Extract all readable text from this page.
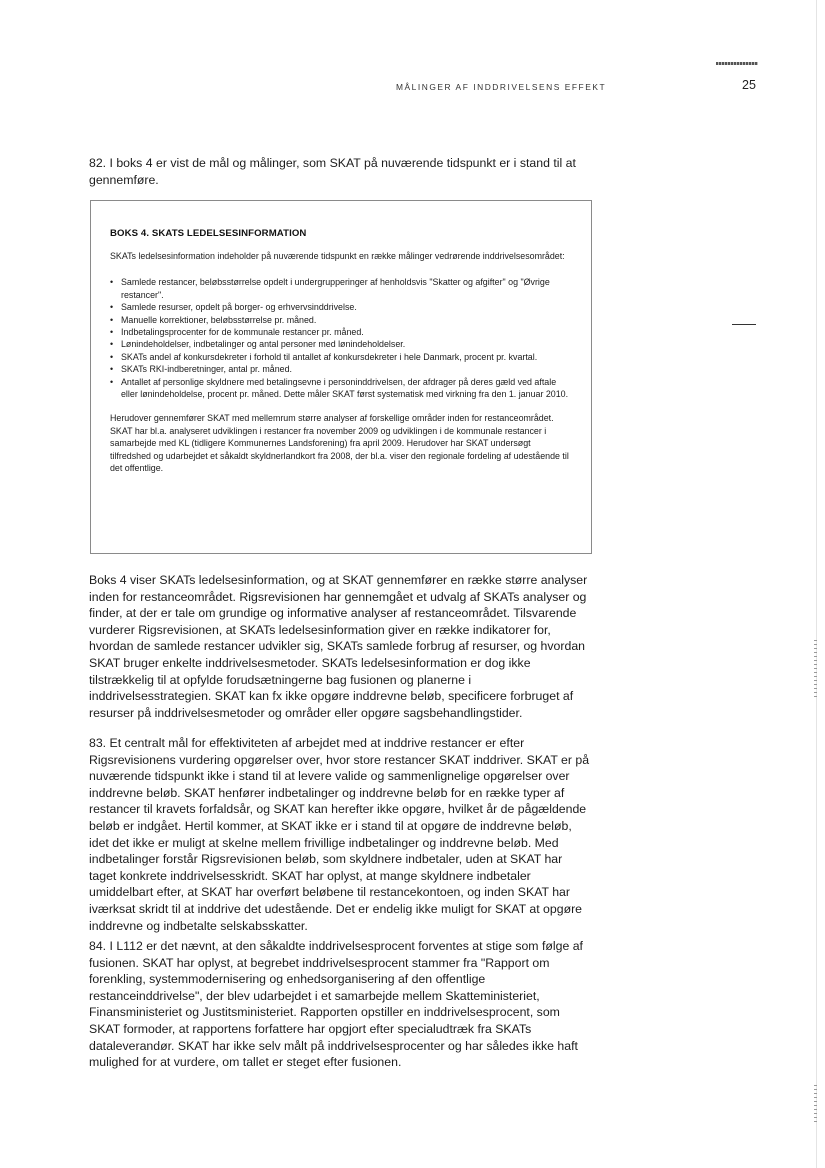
MÅLINGER AF INDDRIVELSENS EFFEKT	25

82. I boks 4 er vist de mål og målinger, som SKAT på nuværende tidspunkt er i stand til at gennemføre.

BOKS 4. SKATS LEDELSESINFORMATION

SKATs ledelsesinformation indeholder på nuværende tidspunkt en række målinger vedrørende inddrivelsesområdet:

• Samlede restancer, beløbsstørrelse opdelt i undergrupperinger af henholdsvis "Skatter og afgifter" og "Øvrige restancer".
• Samlede resurser, opdelt på borger- og erhvervsinddrivelse.
• Manuelle korrektioner, beløbsstørrelse pr. måned.
• Indbetalingsprocenter for de kommunale restancer pr. måned.
• Lønindeholdelser, indbetalinger og antal personer med lønindeholdelser.
• SKATs andel af konkursdekreter i forhold til antallet af konkursdekreter i hele Danmark, procent pr. kvartal.
• SKATs RKI-indberetninger, antal pr. måned.
• Antallet af personlige skyldnere med betalingsevne i personinddrivelsen, der afdrager på deres gæld ved aftale eller lønindeholdelse, procent pr. måned. Dette måler SKAT først systematisk med virkning fra den 1. januar 2010.

Herudover gennemfører SKAT med mellemrum større analyser af forskellige områder inden for restanceområdet. SKAT har bl.a. analyseret udviklingen i restancer fra november 2009 og udviklingen i de kommunale restancer i samarbejde med KL (tidligere Kommunernes Landsforening) fra april 2009. Herudover har SKAT undersøgt tilfredshed og udarbejdet et såkaldt skyldnerlandkort fra 2008, der bl.a. viser den regionale fordeling af udestående til det offentlige.

Boks 4 viser SKATs ledelsesinformation, og at SKAT gennemfører en række større analyser inden for restanceområdet. Rigsrevisionen har gennemgået et udvalg af SKATs analyser og finder, at der er tale om grundige og informative analyser af restanceområdet. Tilsvarende vurderer Rigsrevisionen, at SKATs ledelsesinformation giver en række indikatorer for, hvordan de samlede restancer udvikler sig, SKATs samlede forbrug af resurser, og hvordan SKAT bruger enkelte inddrivelsesmetoder. SKATs ledelsesinformation er dog ikke tilstrækkelig til at opfylde forudsætningerne bag fusionen og planerne i inddrivelsesstrategien. SKAT kan fx ikke opgøre inddrevne beløb, specificere forbruget af resurser på inddrivelsesmetoder og områder eller opgøre sagsbehandlingstider.

83. Et centralt mål for effektiviteten af arbejdet med at inddrive restancer er efter Rigsrevisionens vurdering opgørelser over, hvor store restancer SKAT inddriver. SKAT er på nuværende tidspunkt ikke i stand til at levere valide og sammenlignelige opgørelser over inddrevne beløb. SKAT henfører indbetalinger og inddrevne beløb for en række typer af restancer til kravets forfaldsår, og SKAT kan herefter ikke opgøre, hvilket år de pågældende beløb er indgået. Hertil kommer, at SKAT ikke er i stand til at opgøre de inddrevne beløb, idet det ikke er muligt at skelne mellem frivillige indbetalinger og inddrevne beløb. Med indbetalinger forstår Rigsrevisionen beløb, som skyldnere indbetaler, uden at SKAT har taget konkrete inddrivelsesskridt. SKAT har oplyst, at mange skyldnere indbetaler umiddelbart efter, at SKAT har overført beløbene til restancekontoen, og inden SKAT har iværksat skridt til at inddrive det udestående. Det er endelig ikke muligt for SKAT at opgøre inddrevne og indbetalte selskabsskatter.

84. I L112 er det nævnt, at den såkaldte inddrivelsesprocent forventes at stige som følge af fusionen. SKAT har oplyst, at begrebet inddrivelsesprocent stammer fra "Rapport om forenkling, systemmodernisering og enhedsorganisering af den offentlige restanceinddrivelse", der blev udarbejdet i et samarbejde mellem Skatteministeriet, Finansministeriet og Justitsministeriet. Rapporten opstiller en inddrivelsesprocent, som SKAT formoder, at rapportens forfattere har opgjort efter specialudtræk fra SKATs dataleverandør. SKAT har ikke selv målt på inddrivelsesprocenter og har således ikke haft mulighed for at vurdere, om tallet er steget efter fusionen.
